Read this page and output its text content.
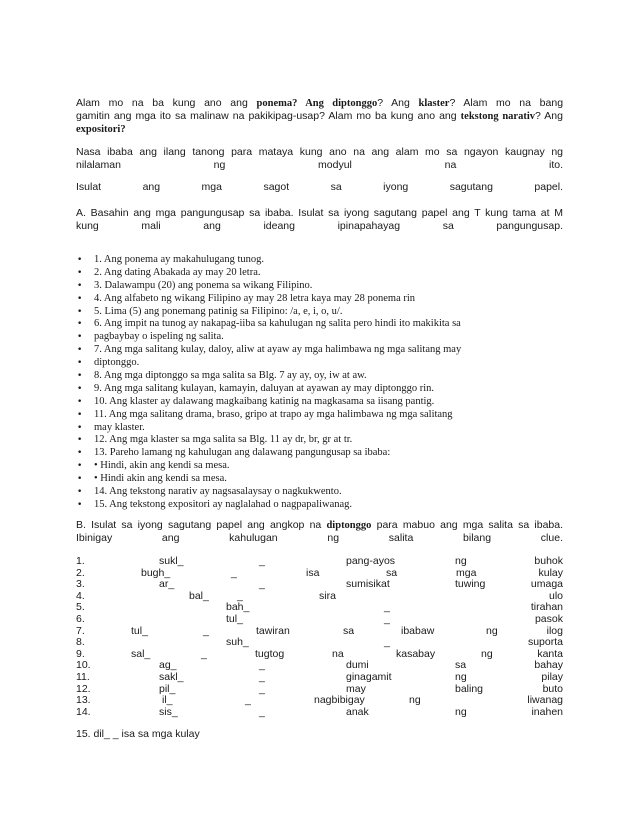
Alam mo na ba kung ano ang ponema? Ang diptonggo? Ang klaster? Alam mo na bang
gamitin ang mga ito sa malinaw na pakikipag-usap? Alam mo ba kung ano ang tekstong narativ? Ang
expositori?
Nasa ibaba ang ilang tanong para mataya kung ano na ang alam mo sa ngayon kaugnay ng
nilalaman ng modyul na ito.
Isulat ang mga sagot sa iyong sagutang papel.
A. Basahin ang mga pangungusap sa ibaba. Isulat sa iyong sagutang papel ang T kung tama at M
kung mali ang ideang ipinapahayag sa pangungusap.
• 1. Ang ponema ay makahulugang tunog.
• 2. Ang dating Abakada ay may 20 letra.
• 3. Dalawampu (20) ang ponema sa wikang Filipino.
• 4. Ang alfabeto ng wikang Filipino ay may 28 letra kaya may 28 ponema rin
• 5. Lima (5) ang ponemang patinig sa Filipino: /a, e, i, o, u/.
• 6. Ang impit na tunog ay nakapag-iiba sa kahulugan ng salita pero hindi ito makikita sa
• pagbaybay o ispeling ng salita.
• 7. Ang mga salitang kulay, daloy, aliw at ayaw ay mga halimbawa ng mga salitang may
• diptonggo.
• 8. Ang mga diptonggo sa mga salita sa Blg. 7 ay ay, oy, iw at aw.
• 9. Ang mga salitang kulayan, kamayin, daluyan at ayawan ay may diptonggo rin.
• 10. Ang klaster ay dalawang magkaibang katinig na magkasama sa iisang pantig.
• 11. Ang mga salitang drama, braso, gripo at trapo ay mga halimbawa ng mga salitang
• may klaster.
• 12. Ang mga klaster sa mga salita sa Blg. 11 ay dr, br, gr at tr.
• 13. Pareho lamang ng kahulugan ang dalawang pangungusap sa ibaba:
• • Hindi, akin ang kendi sa mesa.
• • Hindi akin ang kendi sa mesa.
• 14. Ang tekstong narativ ay nagsasalaysay o nagkukwento.
• 15. Ang tekstong expositori ay naglalahad o nagpapaliwanag.
B. Isulat sa iyong sagutang papel ang angkop na diptonggo para mabuo ang mga salita sa ibaba.
Ibinigay ang kahulugan ng salita bilang clue.
1.	sukl_	_	pang-ayos	ng	buhok
2.	bugh_	_	isa	sa	mga	kulay
3.	ar_	_	sumisikat	tuwing	umaga
4.	bal_	_	sira	ulo
5.	bah_	_	tirahan
6.	tul_	_	pasok
7.	tul_	_	tawiran	sa	ibabaw	ng	ilog
8.	suh_	_	suporta
9.	sal_	_	tugtog	na	kasabay	ng	kanta
10.	ag_	_	dumi	sa	bahay
11.	sakl_	_	ginagamit	ng	pilay
12.	pil_	_	may	baling	buto
13.	il_	_	nagbibigay	ng	liwanag
14.	sis_	_	anak	ng	inahen
15. dil_ _ isa sa mga kulay
